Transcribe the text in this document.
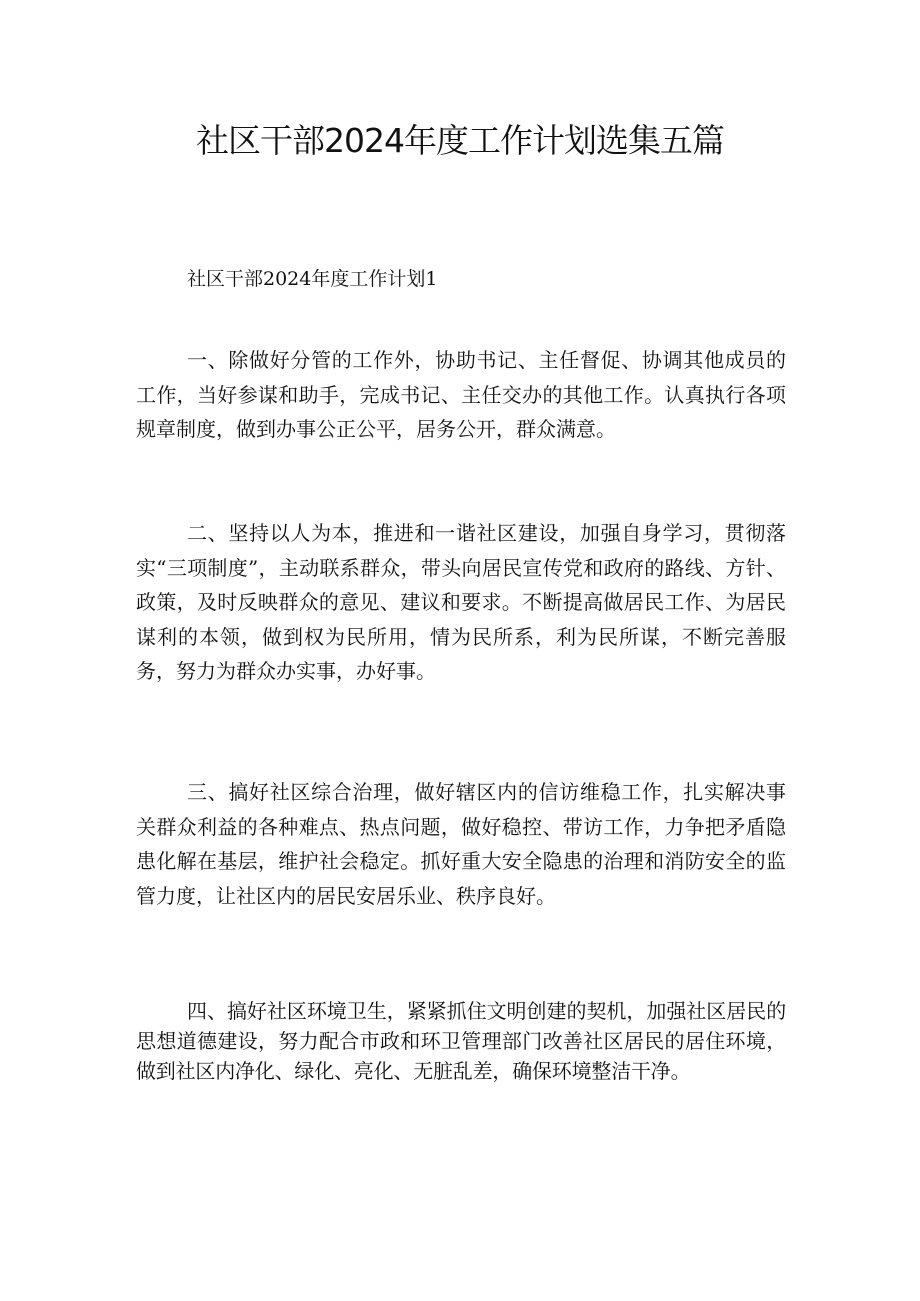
社区干部2024年度工作计划选集五篇
社区干部2024年度工作计划1

一、除做好分管的工作外，协助书记、主任督促、协调其他成员的工作，当好参谋和助手，完成书记、主任交办的其他工作。认真执行各项规章制度，做到办事公正公平，居务公开，群众满意。

二、坚持以人为本，推进和一谐社区建设，加强自身学习，贯彻落实“三项制度”，主动联系群众，带头向居民宣传党和政府的路线、方针、政策，及时反映群众的意见、建议和要求。不断提高做居民工作、为居民谋利的本领，做到权为民所用，情为民所系，利为民所谋，不断完善服务，努力为群众办实事，办好事。

三、搞好社区综合治理，做好辖区内的信访维稳工作，扎实解决事关群众利益的各种难点、热点问题，做好稳控、带访工作，力争把矛盾隐患化解在基层，维护社会稳定。抓好重大安全隐患的治理和消防安全的监管力度，让社区内的居民安居乐业、秩序良好。

四、搞好社区环境卫生，紧紧抓住文明创建的契机，加强社区居民的思想道德建设，努力配合市政和环卫管理部门改善社区居民的居住环境，做到社区内净化、绿化、亮化、无脏乱差，确保环境整洁干净。
